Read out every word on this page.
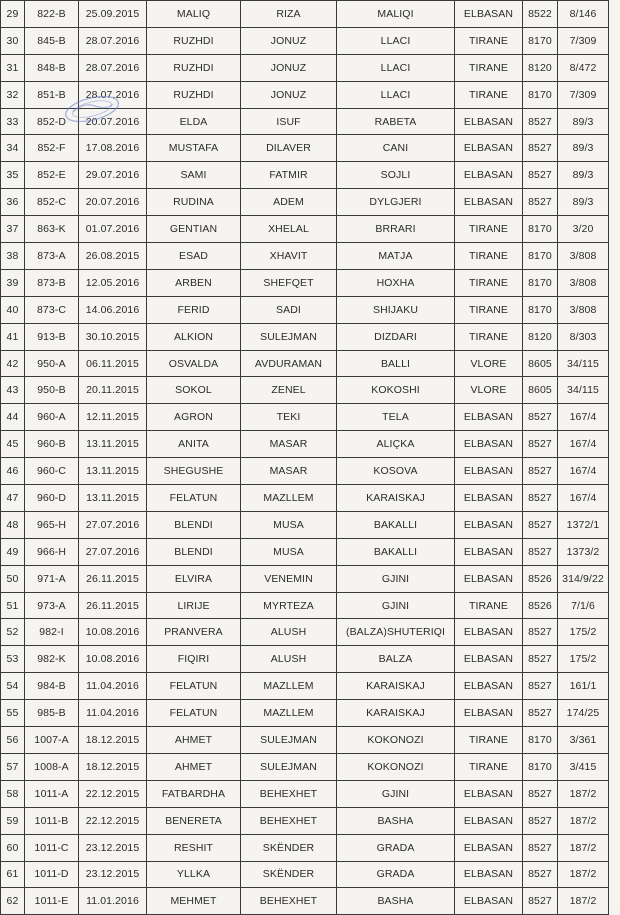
29	822-B	25.09.2015	MALIQ	RIZA	MALIQI	ELBASAN	8522	8/146
30	845-B	28.07.2016	RUZHDI	JONUZ	LLACI	TIRANE	8170	7/309
31	848-B	28.07.2016	RUZHDI	JONUZ	LLACI	TIRANE	8120	8/472
32	851-B	28.07.2016	RUZHDI	JONUZ	LLACI	TIRANE	8170	7/309
33	852-D	20.07.2016	ELDA	ISUF	RABETA	ELBASAN	8527	89/3
34	852-F	17.08.2016	MUSTAFA	DILAVER	CANI	ELBASAN	8527	89/3
35	852-E	29.07.2016	SAMI	FATMIR	SOJLI	ELBASAN	8527	89/3
36	852-C	20.07.2016	RUDINA	ADEM	DYLGJERI	ELBASAN	8527	89/3
37	863-K	01.07.2016	GENTIAN	XHELAL	BRRARI	TIRANE	8170	3/20
38	873-A	26.08.2015	ESAD	XHAVIT	MATJA	TIRANE	8170	3/808
39	873-B	12.05.2016	ARBEN	SHEFQET	HOXHA	TIRANE	8170	3/808
40	873-C	14.06.2016	FERID	SADI	SHIJAKU	TIRANE	8170	3/808
41	913-B	30.10.2015	ALKION	SULEJMAN	DIZDARI	TIRANE	8120	8/303
42	950-A	06.11.2015	OSVALDA	AVDURAMAN	BALLI	VLORE	8605	34/115
43	950-B	20.11.2015	SOKOL	ZENEL	KOKOSHI	VLORE	8605	34/115
44	960-A	12.11.2015	AGRON	TEKI	TELA	ELBASAN	8527	167/4
45	960-B	13.11.2015	ANITA	MASAR	ALIÇKA	ELBASAN	8527	167/4
46	960-C	13.11.2015	SHEGUSHE	MASAR	KOSOVA	ELBASAN	8527	167/4
47	960-D	13.11.2015	FELATUN	MAZLLEM	KARAISKAJ	ELBASAN	8527	167/4
48	965-H	27.07.2016	BLENDI	MUSA	BAKALLI	ELBASAN	8527	1372/1
49	966-H	27.07.2016	BLENDI	MUSA	BAKALLI	ELBASAN	8527	1373/2
50	971-A	26.11.2015	ELVIRA	VENEMIN	GJINI	ELBASAN	8526	314/9/22
51	973-A	26.11.2015	LIRIJE	MYRTEZA	GJINI	TIRANE	8526	7/1/6
52	982-I	10.08.2016	PRANVERA	ALUSH	(BALZA)SHUTERIQI	ELBASAN	8527	175/2
53	982-K	10.08.2016	FIQIRI	ALUSH	BALZA	ELBASAN	8527	175/2
54	984-B	11.04.2016	FELATUN	MAZLLEM	KARAISKAJ	ELBASAN	8527	161/1
55	985-B	11.04.2016	FELATUN	MAZLLEM	KARAISKAJ	ELBASAN	8527	174/25
56	1007-A	18.12.2015	AHMET	SULEJMAN	KOKONOZI	TIRANE	8170	3/361
57	1008-A	18.12.2015	AHMET	SULEJMAN	KOKONOZI	TIRANE	8170	3/415
58	1011-A	22.12.2015	FATBARDHA	BEHEXHET	GJINI	ELBASAN	8527	187/2
59	1011-B	22.12.2015	BENERETA	BEHEXHET	BASHA	ELBASAN	8527	187/2
60	1011-C	23.12.2015	RESHIT	SKËNDER	GRADA	ELBASAN	8527	187/2
61	1011-D	23.12.2015	YLLKA	SKËNDER	GRADA	ELBASAN	8527	187/2
62	1011-E	11.01.2016	MEHMET	BEHEXHET	BASHA	ELBASAN	8527	187/2
